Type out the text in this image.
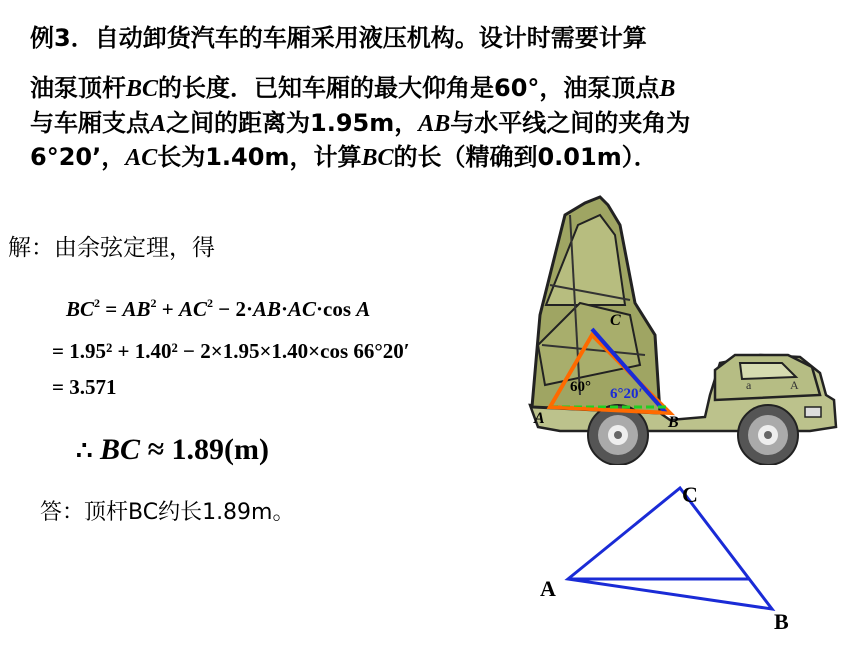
例3．自动卸货汽车的车厢采用液压机构。设计时需要计算
油泵顶杆BC的长度．已知车厢的最大仰角是60°，油泵顶点B
与车厢支点A之间的距离为1.95m，AB与水平线之间的夹角为
6°20’，AC长为1.40m，计算BC的长（精确到0.01m）．
解：由余弦定理，得
$BC^2 = AB^2 + AC^2 - 2\cdot AB\cdot AC\cdot\cos$ A
= 1.95² + 1.40² − 2×1.95×1.40×cos 66°20′
= 3.571
∴ BC ≈ 1.89(m)
答：顶杆BC约长1.89m。
a	A
A	B
C
60° 6°20′
A
B
C
